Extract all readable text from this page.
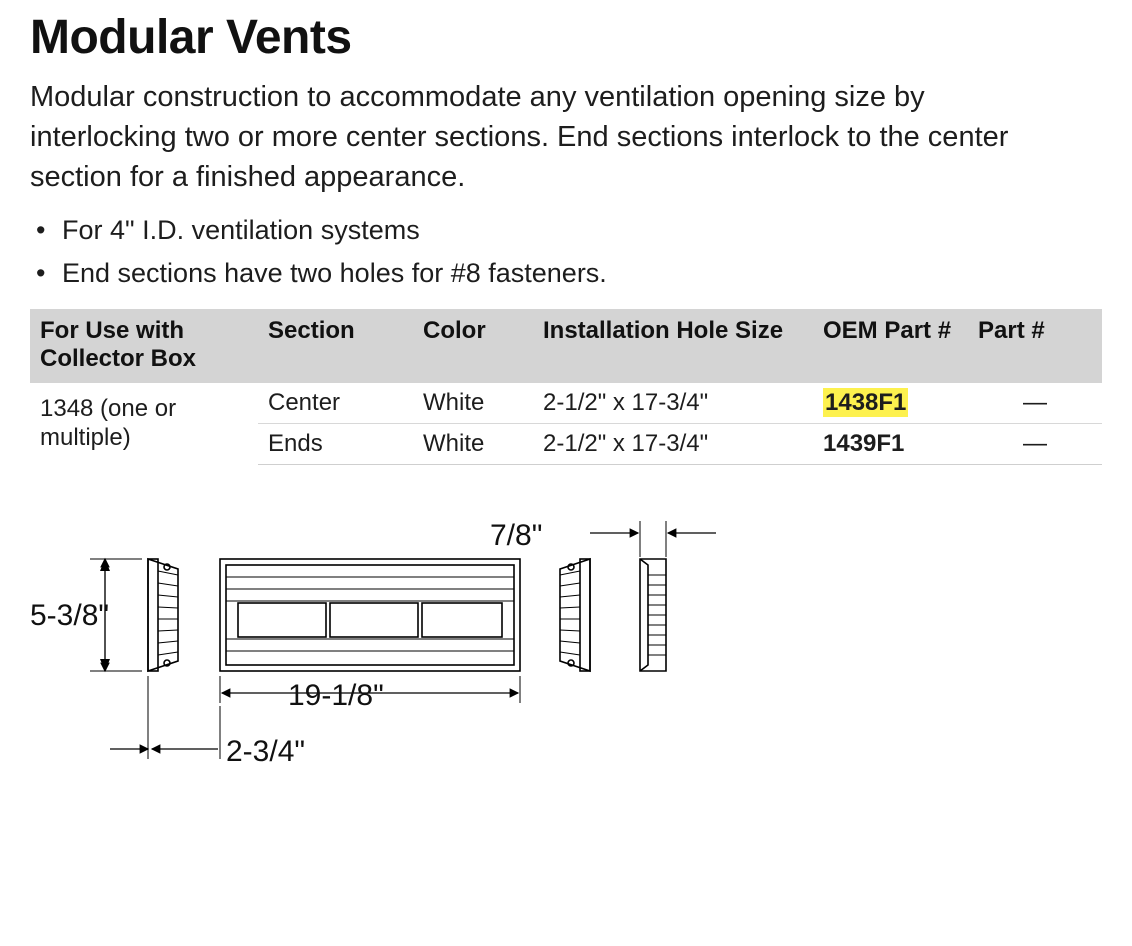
Modular Vents

Modular construction to accommodate any ventilation opening size by interlocking two or more center sections. End sections interlock to the center section for a finished appearance.

• For 4" I.D. ventilation systems
• End sections have two holes for #8 fasteners.
For Use with Collector Box	Section	Color	Installation Hole Size	OEM Part #	Part #
1348 (one or multiple)	Center	White	2-1/2" x 17-3/4"	1438F1	—
	Ends	White	2-1/2" x 17-3/4"	1439F1	—
5-3/8"
19-1/8"
2-3/4"
7/8"
